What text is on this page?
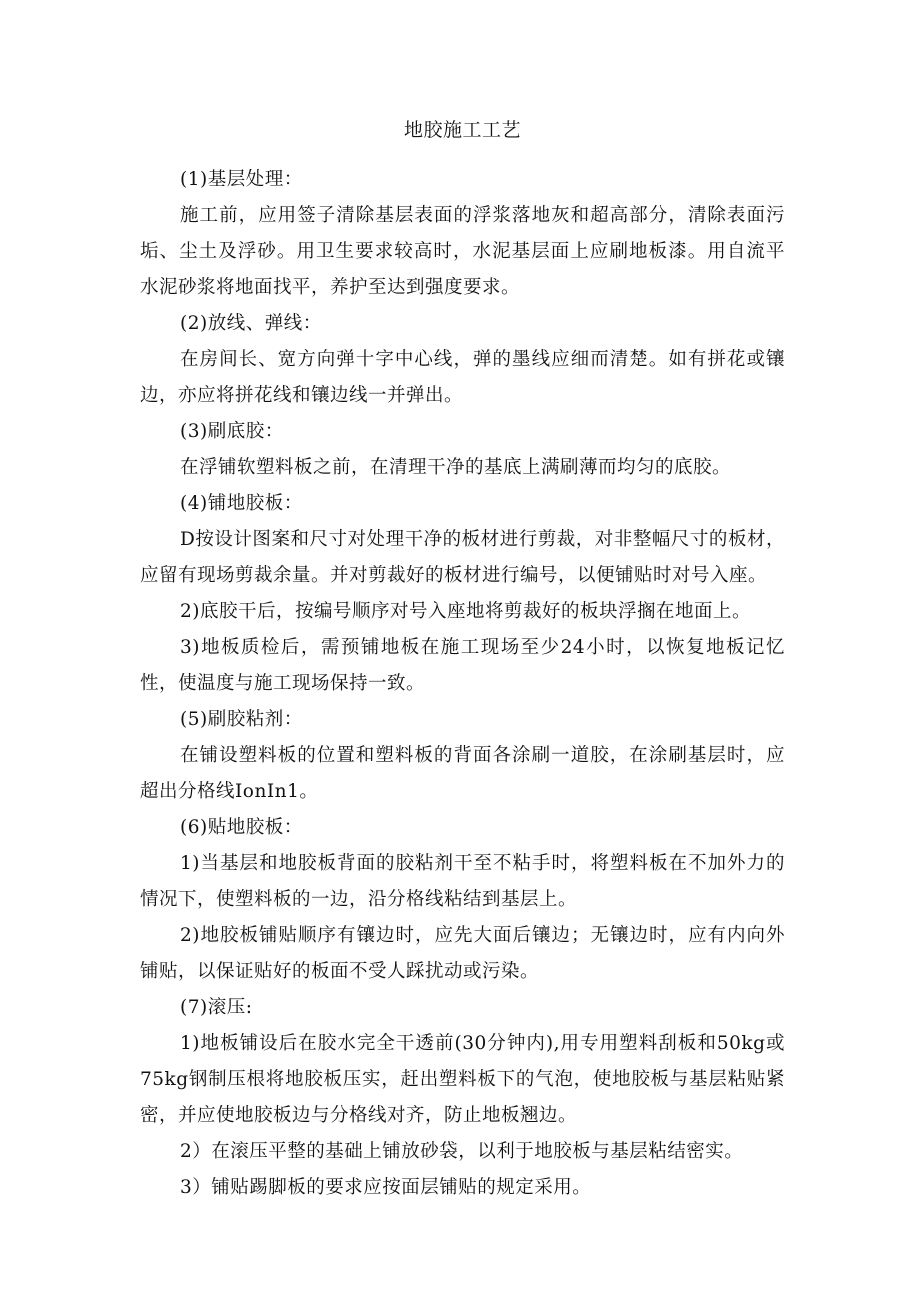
地胶施工工艺

(1)基层处理：

施工前，应用签子清除基层表面的浮浆落地灰和超高部分，清除表面污垢、尘土及浮砂。用卫生要求较高时，水泥基层面上应刷地板漆。用自流平水泥砂浆将地面找平，养护至达到强度要求。

(2)放线、弹线：

在房间长、宽方向弹十字中心线，弹的墨线应细而清楚。如有拼花或镶边，亦应将拼花线和镶边线一并弹出。

(3)刷底胶：

在浮铺软塑料板之前，在清理干净的基底上满刷薄而均匀的底胶。

(4)铺地胶板：

D按设计图案和尺寸对处理干净的板材进行剪裁，对非整幅尺寸的板材，应留有现场剪裁余量。并对剪裁好的板材进行编号，以便铺贴时对号入座。

2)底胶干后，按编号顺序对号入座地将剪裁好的板块浮搁在地面上。

3)地板质检后，需预铺地板在施工现场至少24小时，以恢复地板记忆性，使温度与施工现场保持一致。

(5)刷胶粘剂：

在铺设塑料板的位置和塑料板的背面各涂刷一道胶，在涂刷基层时，应超出分格线IonIn1。

(6)贴地胶板：

1)当基层和地胶板背面的胶粘剂干至不粘手时，将塑料板在不加外力的情况下，使塑料板的一边，沿分格线粘结到基层上。

2)地胶板铺贴顺序有镶边时，应先大面后镶边；无镶边时，应有内向外铺贴，以保证贴好的板面不受人踩扰动或污染。

(7)滚压:

1)地板铺设后在胶水完全干透前(30分钟内),用专用塑料刮板和50kg或75kg钢制压根将地胶板压实，赶出塑料板下的气泡，使地胶板与基层粘贴紧密，并应使地胶板边与分格线对齐，防止地板翘边。

2）在滚压平整的基础上铺放砂袋，以利于地胶板与基层粘结密实。

3）铺贴踢脚板的要求应按面层铺贴的规定采用。
